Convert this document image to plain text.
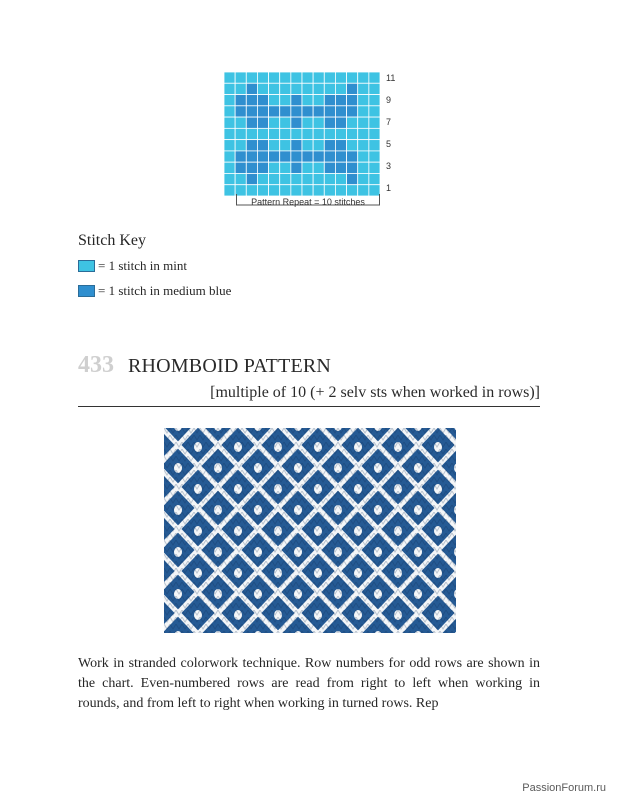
11
9
7
5
3
1
Pattern Repeat = 10 stitches
Stitch Key
= 1 stitch in mint
= 1 stitch in medium blue
433 RHOMBOID PATTERN
[multiple of 10 (+ 2 selv sts when worked in rows)]
Work in stranded colorwork technique. Row numbers for odd rows are shown in the chart. Even-numbered rows are read from right to left when working in rounds, and from left to right when working in turned rows. Rep
PassionForum.ru
